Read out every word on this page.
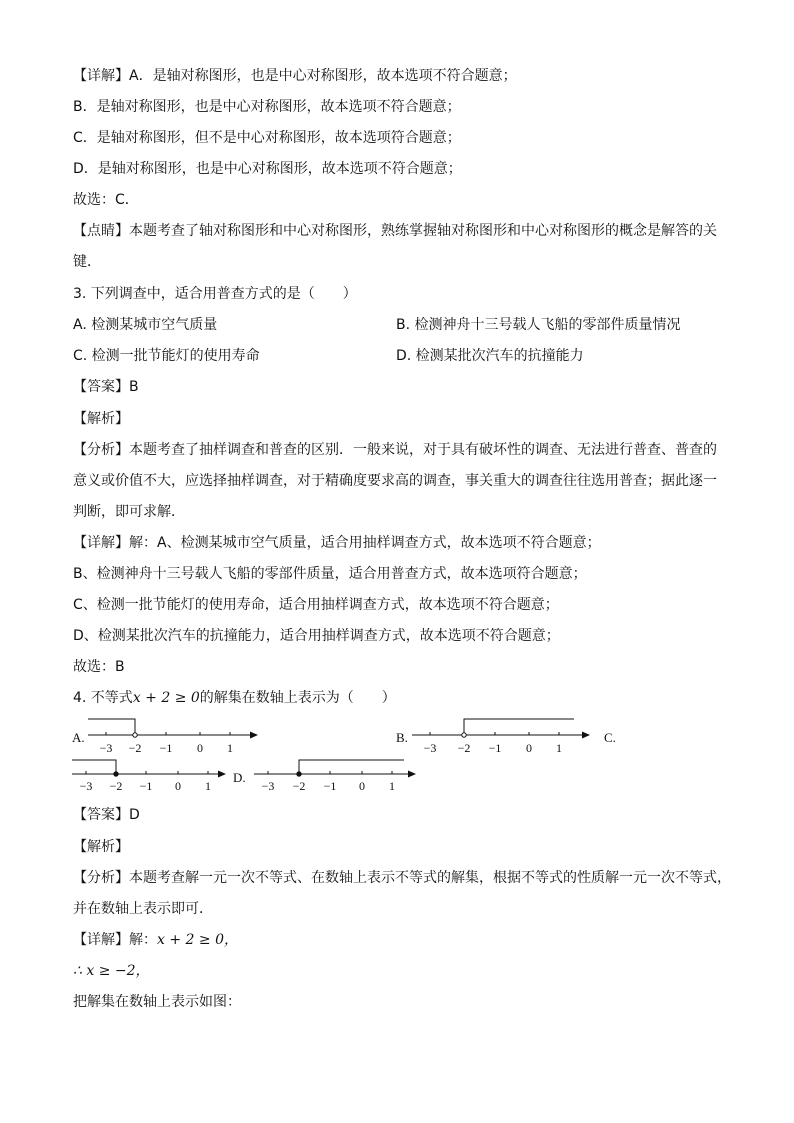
【详解】A．是轴对称图形，也是中心对称图形，故本选项不符合题意；
B．是轴对称图形，也是中心对称图形，故本选项不符合题意；
C．是轴对称图形，但不是中心对称图形，故本选项符合题意；
D．是轴对称图形，也是中心对称图形，故本选项不符合题意；
故选：C．
【点睛】本题考查了轴对称图形和中心对称图形，熟练掌握轴对称图形和中心对称图形的概念是解答的关
键．
3. 下列调查中，适合用普查方式的是（　　）
A. 检测某城市空气质量	B. 检测神舟十三号载人飞船的零部件质量情况
C. 检测一批节能灯的使用寿命	D. 检测某批次汽车的抗撞能力
【答案】B
【解析】
【分析】本题考查了抽样调查和普查的区别．一般来说，对于具有破坏性的调查、无法进行普查、普查的
意义或价值不大，应选择抽样调查，对于精确度要求高的调查，事关重大的调查往往选用普查；据此逐一
判断，即可求解．
【详解】解：A、检测某城市空气质量，适合用抽样调查方式，故本选项不符合题意；
B、检测神舟十三号载人飞船的零部件质量，适合用普查方式，故本选项符合题意；
C、检测一批节能灯的使用寿命，适合用抽样调查方式，故本选项不符合题意；
D、检测某批次汽车的抗撞能力，适合用抽样调查方式，故本选项不符合题意；
故选：B
4. 不等式x + 2 ≥ 0的解集在数轴上表示为（　　）
A.
−3 −2 −1 0 1
B.
−3 −2 −1 0 1
C.
−3 −2 −1 0 1
D.
−3 −2 −1 0 1
【答案】D
【解析】
【分析】本题考查解一元一次不等式、在数轴上表示不等式的解集，根据不等式的性质解一元一次不等式，
并在数轴上表示即可．
【详解】解：x + 2 ≥ 0，
∴ x ≥ −2，
把解集在数轴上表示如图：
